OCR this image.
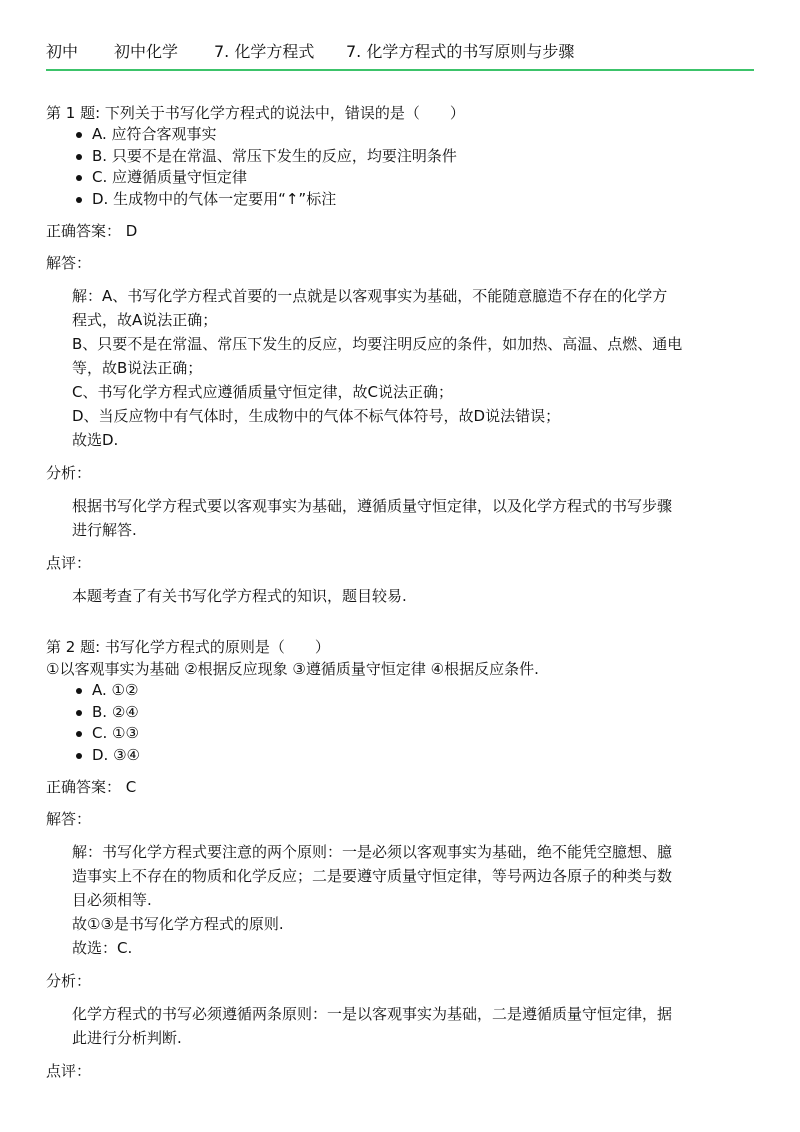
初中	初中化学	7. 化学方程式	7. 化学方程式的书写原则与步骤
第 1 题: 下列关于书写化学方程式的说法中，错误的是（　　）
A. 应符合客观事实
B. 只要不是在常温、常压下发生的反应，均要注明条件
C. 应遵循质量守恒定律
D. 生成物中的气体一定要用“↑”标注
正确答案： D
解答：
解：A、书写化学方程式首要的一点就是以客观事实为基础，不能随意臆造不存在的化学方
程式，故A说法正确；
B、只要不是在常温、常压下发生的反应，均要注明反应的条件，如加热、高温、点燃、通电
等，故B说法正确；
C、书写化学方程式应遵循质量守恒定律，故C说法正确；
D、当反应物中有气体时，生成物中的气体不标气体符号，故D说法错误；
故选D.
分析：
根据书写化学方程式要以客观事实为基础，遵循质量守恒定律，以及化学方程式的书写步骤
进行解答.
点评：
本题考查了有关书写化学方程式的知识，题目较易.
第 2 题: 书写化学方程式的原则是（　　）
①以客观事实为基础 ②根据反应现象 ③遵循质量守恒定律 ④根据反应条件.
A. ①②
B. ②④
C. ①③
D. ③④
正确答案： C
解答：
解：书写化学方程式要注意的两个原则：一是必须以客观事实为基础，绝不能凭空臆想、臆
造事实上不存在的物质和化学反应；二是要遵守质量守恒定律，等号两边各原子的种类与数
目必须相等.
故①③是书写化学方程式的原则.
故选：C.
分析：
化学方程式的书写必须遵循两条原则：一是以客观事实为基础，二是遵循质量守恒定律，据
此进行分析判断.
点评：
